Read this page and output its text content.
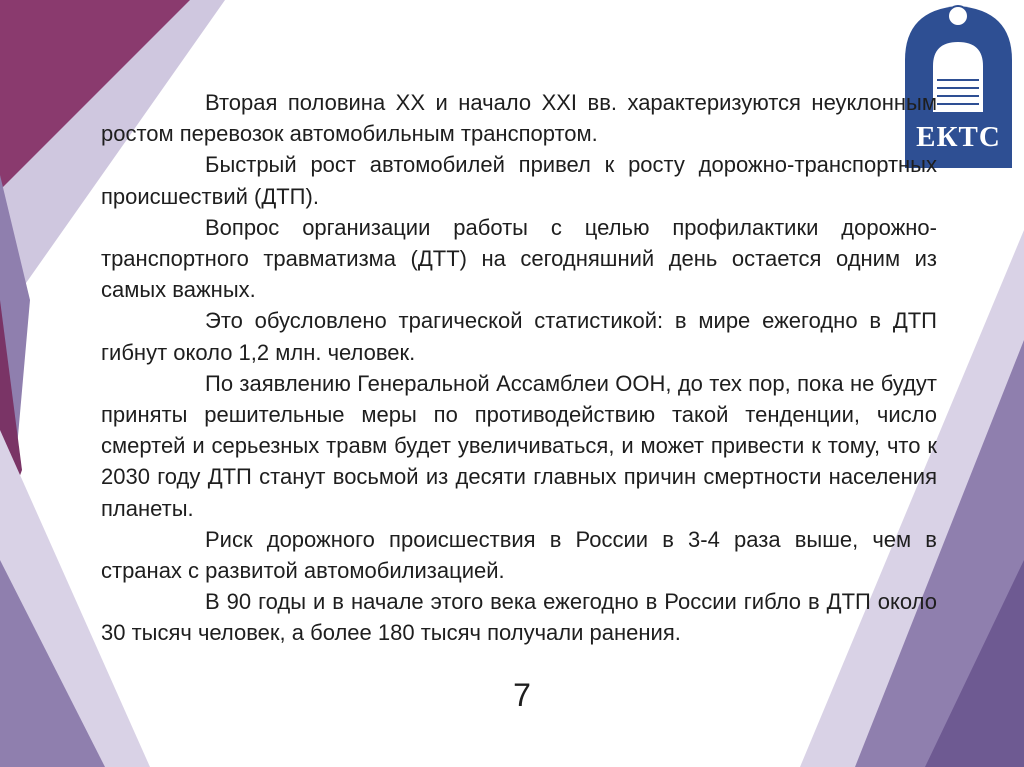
ЕКТС

Вторая половина XX и начало XXI вв. характеризуются неуклонным ростом перевозок автомобильным транспортом.

Быстрый рост автомобилей привел к росту дорожно-транспортных происшествий (ДТП).

Вопрос организации работы с целью профилактики дорожно-транспортного травматизма (ДТТ) на сегодняшний день остается одним из самых важных.

Это обусловлено трагической статистикой: в мире ежегодно в ДТП гибнут около 1,2 млн. человек.

По заявлению Генеральной Ассамблеи ООН, до тех пор, пока не будут приняты решительные меры по противодействию такой тенденции, число смертей и серьезных травм будет увеличиваться, и может привести к тому, что к 2030 году ДТП станут восьмой из десяти главных причин смертности населения планеты.

Риск дорожного происшествия в России в 3-4 раза выше, чем в странах с развитой автомобилизацией.

В 90 годы и в начале этого века ежегодно в России гибло в ДТП около 30 тысяч человек, а более 180 тысяч получали ранения.

7
